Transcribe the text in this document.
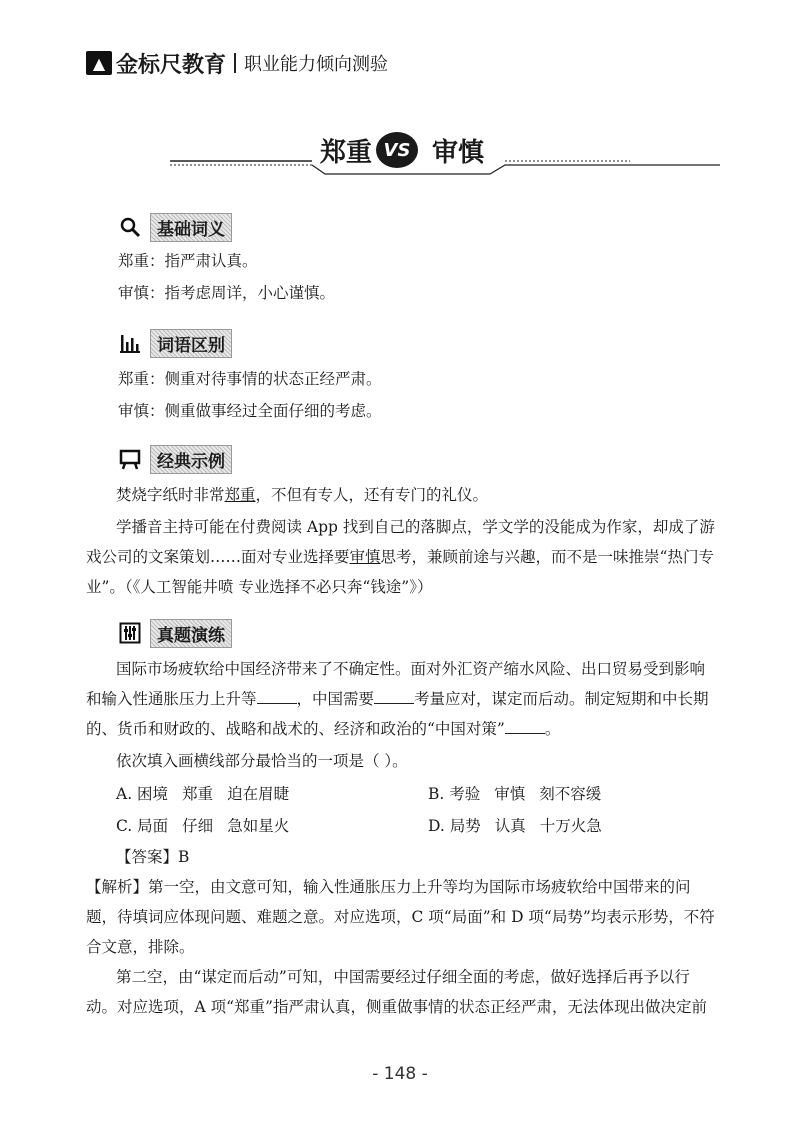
▲ 金标尺教育 职业能力倾向测验
郑重 VS 审慎
基础词义
郑重：指严肃认真。
审慎：指考虑周详，小心谨慎。
词语区别
郑重：侧重对待事情的状态正经严肃。
审慎：侧重做事经过全面仔细的考虑。
经典示例
焚烧字纸时非常郑重，不但有专人，还有专门的礼仪。
学播音主持可能在付费阅读 App 找到自己的落脚点，学文学的没能成为作家，却成了游戏公司的文案策划……面对专业选择要审慎思考，兼顾前途与兴趣，而不是一味推崇“热门专业”。（《人工智能井喷 专业选择不必只奔“钱途”》）
真题演练
国际市场疲软给中国经济带来了不确定性。面对外汇资产缩水风险、出口贸易受到影响和输入性通胀压力上升等	，中国需要	考量应对，谋定而后动。制定短期和中长期的、货币和财政的、战略和战术的、经济和政治的“中国对策”	。
依次填入画横线部分最恰当的一项是（ ）。
A. 困境 郑重 迫在眉睫	B. 考验 审慎 刻不容缓
C. 局面 仔细 急如星火	D. 局势 认真 十万火急
【答案】B
【解析】第一空，由文意可知，输入性通胀压力上升等均为国际市场疲软给中国带来的问题，待填词应体现问题、难题之意。对应选项，C 项“局面”和 D 项“局势”均表示形势，不符合文意，排除。
第二空，由“谋定而后动”可知，中国需要经过仔细全面的考虑，做好选择后再予以行动。对应选项，A 项“郑重”指严肃认真，侧重做事情的状态正经严肃，无法体现出做决定前
- 148 -
